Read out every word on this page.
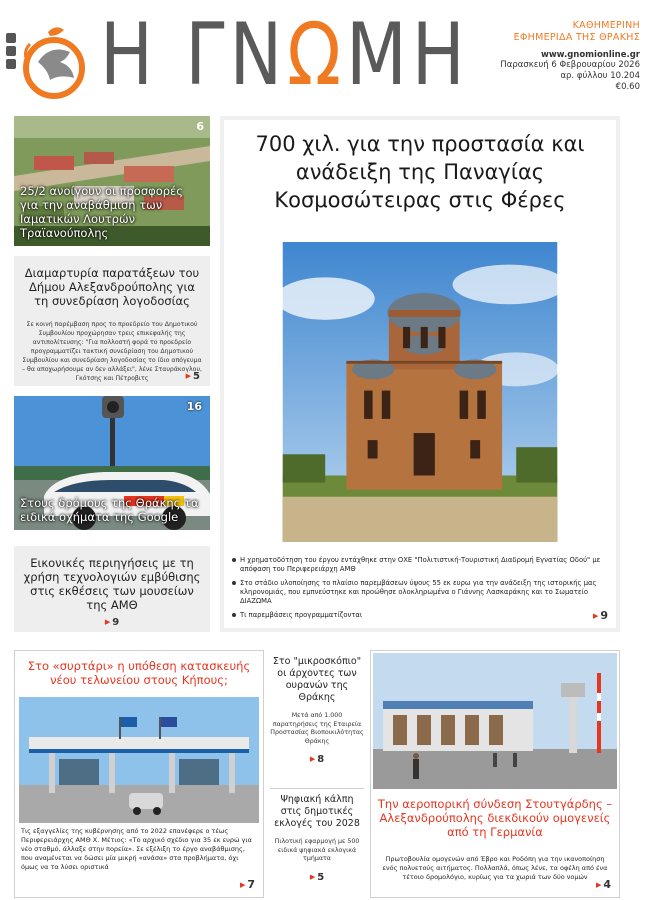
Η ΓΝΩΜΗ	ΚΑΘΗΜΕΡΙΝΗ
ΕΦΗΜΕΡΙΔΑ ΤΗΣ ΘΡΑΚΗΣ
www.gnomionline.gr
Παρασκευή 6 Φεβρουαρίου 2026
αρ. φύλλου 10.204
€0.60
6
25/2 ανοίγουν οι προσφορές για την αναβάθμιση των Ιαματικών Λουτρών Τραϊανούπολης
Διαμαρτυρία παρατάξεων του Δήμου Αλεξανδρούπολης για τη συνεδρίαση λογοδοσίας
Σε κοινή παρέμβαση προς το προεδρείο του Δημοτικού Συμβουλίου προχώρησαν τρεις επικεφαλής της αντιπολίτευσης: "Για πολλοστή φορά το προεδρείο προγραμματίζει τακτική συνεδρίαση του Δημοτικού Συμβουλίου και συνεδρίαση λογοδοσίας το ίδιο απόγευμα – θα αποχωρήσουμε αν δεν αλλάξει", λένε Σταυράκογλου, Γκότσης και Πέτροβιτς	▶ 5
16
Στους δρόμους της Θράκης τα ειδικά οχήματα της Google
Εικονικές περιηγήσεις με τη χρήση τεχνολογιών εμβύθισης στις εκθέσεις των μουσείων της ΑΜΘ
▶ 9
700 χιλ. για την προστασία και ανάδειξη της Παναγίας Κοσμοσώτειρας στις Φέρες
Η χρηματοδότηση του έργου εντάχθηκε στην ΟΧΕ "Πολιτιστική-Τουριστική Διαδρομή Εγνατίας Οδού" με απόφαση του Περιφερειάρχη ΑΜΘ
Στο στάδιο υλοποίησης το πλαίσιο παρεμβάσεων ύψους 55 εκ ευρω για την ανάδειξη της ιστορικής μας κληρονομιάς, που εμπνεύστηκε και προώθησε ολοκληρωμένα ο Γιάννης Λασκαράκης και το Σωματείο ΔΙΑΖΩΜΑ
Τι παρεμβάσεις προγραμματίζονται	▶ 9
Στο «συρτάρι» η υπόθεση κατασκευής νέου τελωνείου στους Κήπους;
Τις εξαγγελίες της κυβέρνησης από το 2022 επανέφερε ο τέως Περιφερειάρχης ΑΜΘ Χ. Μέτιος: «Το αρχικό σχέδιο για 35 εκ ευρώ για νέο σταθμό, άλλαξε στην πορεία». Σε εξέλιξη το έργο αναβάθμισης, που αναμένεται να δώσει μία μικρή «ανάσα» στα προβλήματα, όχι όμως να τα λύσει οριστικά
▶ 7
Στο "μικροσκόπιο" οι άρχοντες των ουρανών της Θράκης
Μετά από 1.000 παρατηρήσεις της Εταιρεία Προστασίας Βιοποικιλότητας Θράκης
▶ 8
Ψηφιακή κάλπη στις δημοτικές εκλογές του 2028
Πιλοτική εφαρμογή με 500 ειδικά ψηφιακά εκλογικά τμήματα
▶ 5
Την αεροπορική σύνδεση Στουτγάρδης – Αλεξανδρούπολης διεκδικούν ομογενείς από τη Γερμανία
Πρωτοβουλία ομογενών από Έβρο και Ροδόπη για την ικανοποίηση ενός πολυετούς αιτήματος. Πολλαπλά, όπως λένε, τα οφέλη από ένα τέτοιο δρομολόγιο, κυρίως για τα χωριά των δύο νομών
▶ 4
